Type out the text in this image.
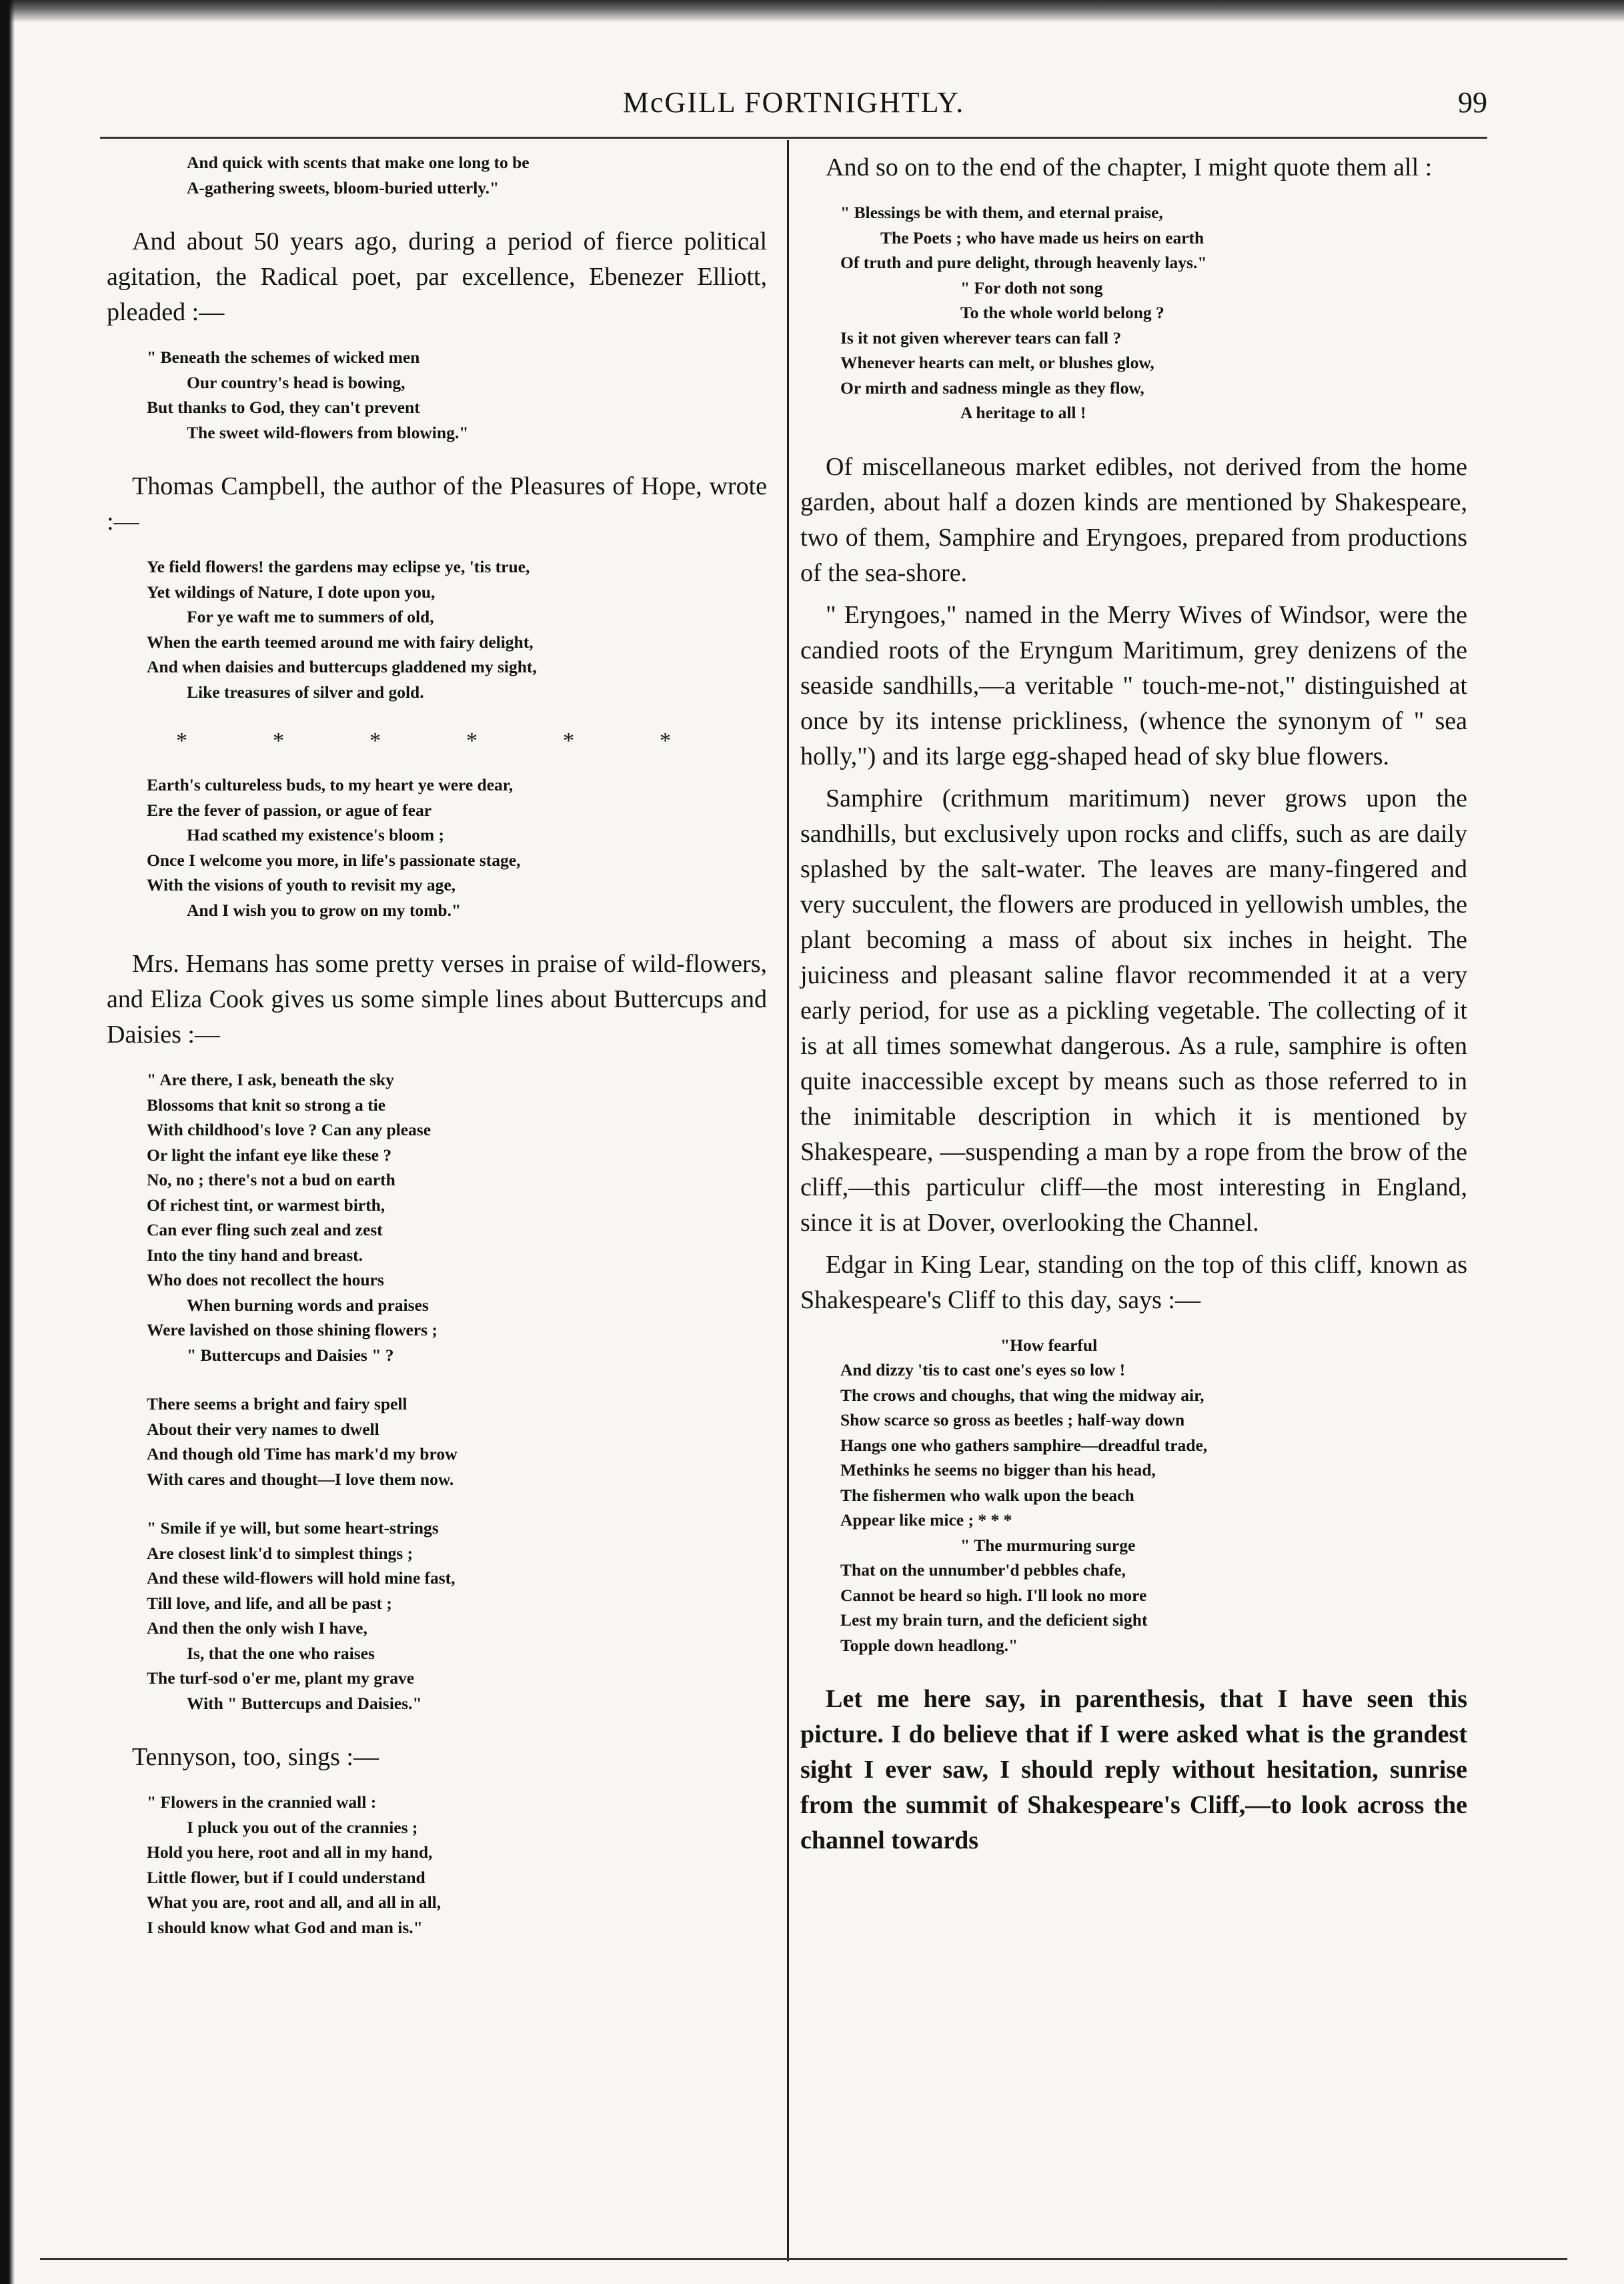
McGILL FORTNIGHTLY.	99
And quick with scents that make one long to be
A-gathering sweets, bloom-buried utterly."

And about 50 years ago, during a period of fierce political agitation, the Radical poet, par excellence, Ebenezer Elliott, pleaded :—

" Beneath the schemes of wicked men
Our country's head is bowing,
But thanks to God, they can't prevent
The sweet wild-flowers from blowing."

Thomas Campbell, the author of the Pleasures of Hope, wrote :—

Ye field flowers! the gardens may eclipse ye, 'tis true,
Yet wildings of Nature, I dote upon you,
For ye waft me to summers of old,
When the earth teemed around me with fairy delight,
And when daisies and buttercups gladdened my sight,
Like treasures of silver and gold.
*	*	*	*	*	*
Earth's cultureless buds, to my heart ye were dear,
Ere the fever of passion, or ague of fear
Had scathed my existence's bloom ;
Once I welcome you more, in life's passionate stage,
With the visions of youth to revisit my age,
And I wish you to grow on my tomb."

Mrs. Hemans has some pretty verses in praise of wild-flowers, and Eliza Cook gives us some simple lines about Buttercups and Daisies :—

" Are there, I ask, beneath the sky
Blossoms that knit so strong a tie
With childhood's love ? Can any please
Or light the infant eye like these ?
No, no ; there's not a bud on earth
Of richest tint, or warmest birth,
Can ever fling such zeal and zest
Into the tiny hand and breast.
Who does not recollect the hours
When burning words and praises
Were lavished on those shining flowers ;
" Buttercups and Daisies " ?
There seems a bright and fairy spell
About their very names to dwell
And though old Time has mark'd my brow
With cares and thought—I love them now.
" Smile if ye will, but some heart-strings
Are closest link'd to simplest things ;
And these wild-flowers will hold mine fast,
Till love, and life, and all be past ;
And then the only wish I have,
Is, that the one who raises
The turf-sod o'er me, plant my grave
With " Buttercups and Daisies."

Tennyson, too, sings :—

" Flowers in the crannied wall :
I pluck you out of the crannies ;
Hold you here, root and all in my hand,
Little flower, but if I could understand
What you are, root and all, and all in all,
I should know what God and man is."

And so on to the end of the chapter, I might quote them all :

" Blessings be with them, and eternal praise,
The Poets ; who have made us heirs on earth
Of truth and pure delight, through heavenly lays."
" For doth not song
To the whole world belong ?
Is it not given wherever tears can fall ?
Whenever hearts can melt, or blushes glow,
Or mirth and sadness mingle as they flow,
A heritage to all !

Of miscellaneous market edibles, not derived from the home garden, about half a dozen kinds are mentioned by Shakespeare, two of them, Samphire and Eryngoes, prepared from productions of the sea-shore.

" Eryngoes," named in the Merry Wives of Windsor, were the candied roots of the Eryngum Maritimum, grey denizens of the seaside sandhills,—a veritable " touch-me-not," distinguished at once by its intense prickliness, (whence the synonym of " sea holly,") and its large egg-shaped head of sky blue flowers.

Samphire (crithmum maritimum) never grows upon the sandhills, but exclusively upon rocks and cliffs, such as are daily splashed by the salt-water. The leaves are many-fingered and very succulent, the flowers are produced in yellowish umbles, the plant becoming a mass of about six inches in height. The juiciness and pleasant saline flavor recommended it at a very early period, for use as a pickling vegetable. The collecting of it is at all times somewhat dangerous. As a rule, samphire is often quite inaccessible except by means such as those referred to in the inimitable description in which it is mentioned by Shakespeare, —suspending a man by a rope from the brow of the cliff,—this particulur cliff—the most interesting in England, since it is at Dover, overlooking the Channel.

Edgar in King Lear, standing on the top of this cliff, known as Shakespeare's Cliff to this day, says :—

"How fearful
And dizzy 'tis to cast one's eyes so low !
The crows and choughs, that wing the midway air,
Show scarce so gross as beetles ; half-way down
Hangs one who gathers samphire—dreadful trade,
Methinks he seems no bigger than his head,
The fishermen who walk upon the beach
Appear like mice ; * * *
" The murmuring surge
That on the unnumber'd pebbles chafe,
Cannot be heard so high. I'll look no more
Lest my brain turn, and the deficient sight
Topple down headlong."

Let me here say, in parenthesis, that I have seen this picture. I do believe that if I were asked what is the grandest sight I ever saw, I should reply without hesitation, sunrise from the summit of Shakespeare's Cliff,—to look across the channel towards
